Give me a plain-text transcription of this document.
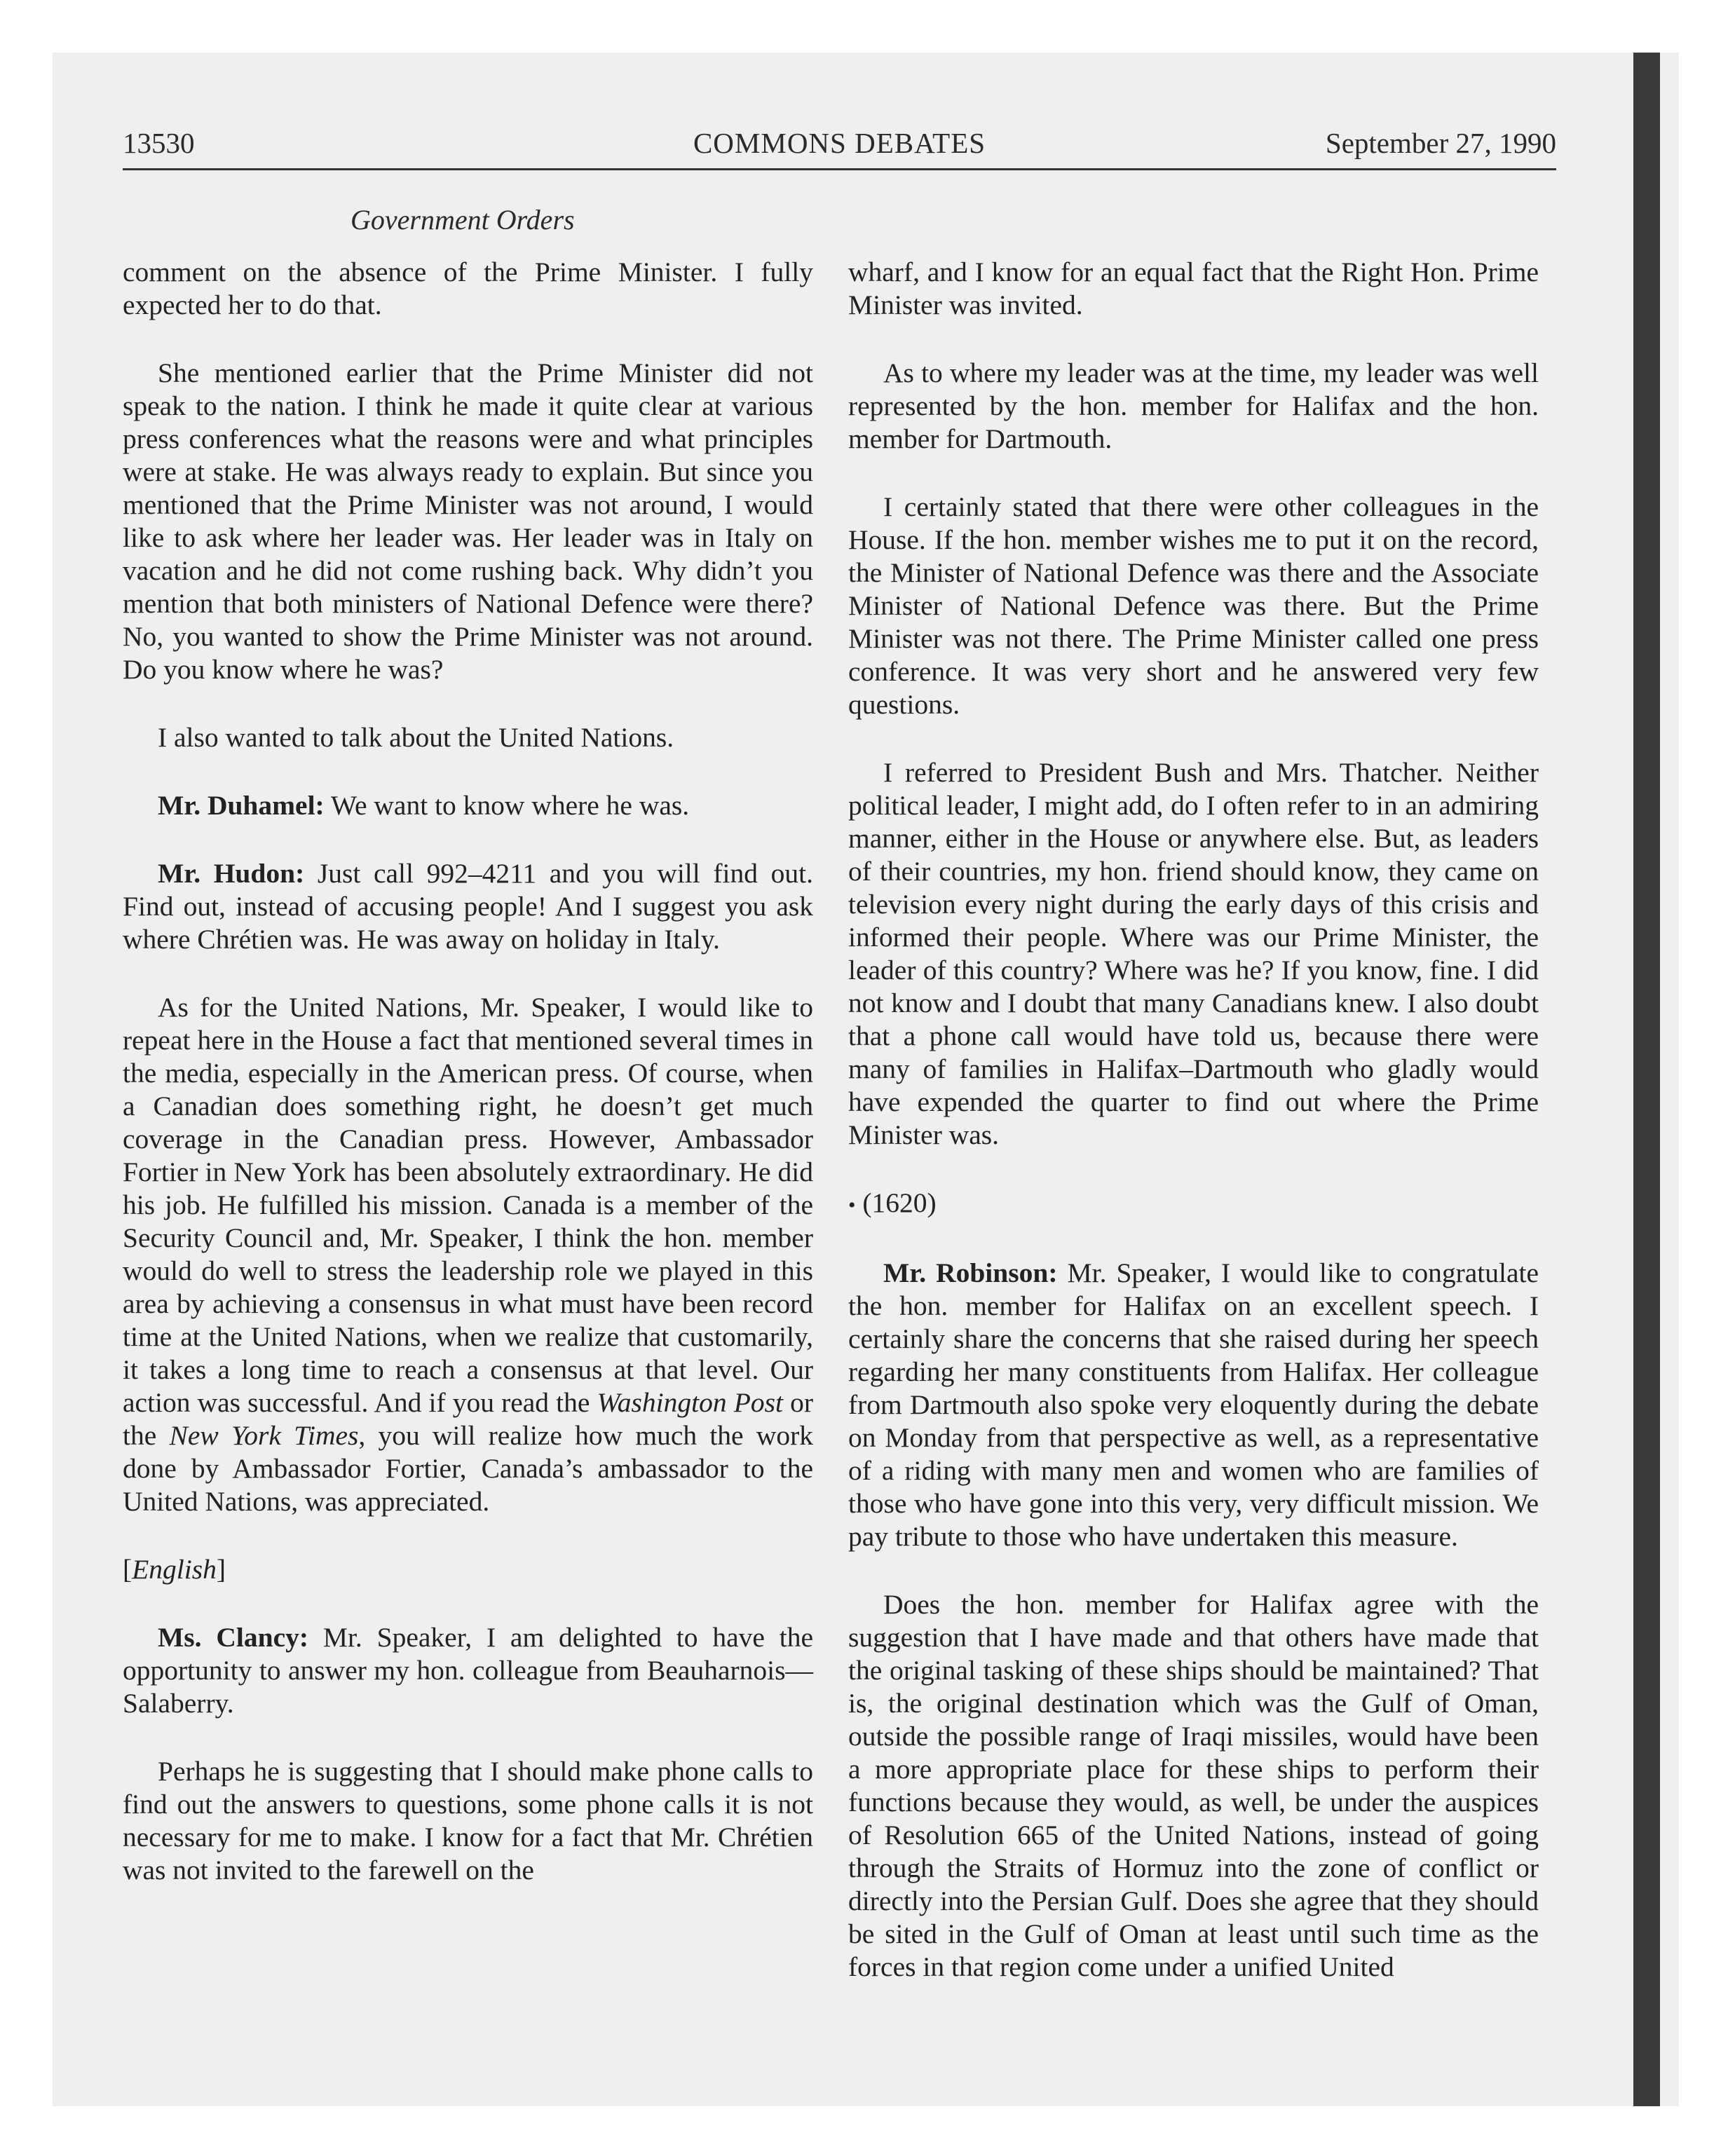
13530	COMMONS DEBATES	September 27, 1990
Government Orders

comment on the absence of the Prime Minister. I fully expected her to do that.

She mentioned earlier that the Prime Minister did not speak to the nation. I think he made it quite clear at various press conferences what the reasons were and what principles were at stake. He was always ready to explain. But since you mentioned that the Prime Minister was not around, I would like to ask where her leader was. Her leader was in Italy on vacation and he did not come rushing back. Why didn’t you mention that both ministers of National Defence were there? No, you wanted to show the Prime Minister was not around. Do you know where he was?

I also wanted to talk about the United Nations.

Mr. Duhamel: We want to know where he was.

Mr. Hudon: Just call 992–4211 and you will find out. Find out, instead of accusing people! And I suggest you ask where Chrétien was. He was away on holiday in Italy.

As for the United Nations, Mr. Speaker, I would like to repeat here in the House a fact that mentioned several times in the media, especially in the American press. Of course, when a Canadian does something right, he doesn’t get much coverage in the Canadian press. However, Ambassador Fortier in New York has been absolutely extraordinary. He did his job. He fulfilled his mission. Canada is a member of the Security Council and, Mr. Speaker, I think the hon. member would do well to stress the leadership role we played in this area by achieving a consensus in what must have been record time at the United Nations, when we realize that customarily, it takes a long time to reach a consensus at that level. Our action was successful. And if you read the Washington Post or the New York Times, you will realize how much the work done by Ambassador Fortier, Canada’s ambassador to the United Nations, was appreciated.

[English]

Ms. Clancy: Mr. Speaker, I am delighted to have the opportunity to answer my hon. colleague from Beauharnois—Salaberry.

Perhaps he is suggesting that I should make phone calls to find out the answers to questions, some phone calls it is not necessary for me to make. I know for a fact that Mr. Chrétien was not invited to the farewell on the

wharf, and I know for an equal fact that the Right Hon. Prime Minister was invited.

As to where my leader was at the time, my leader was well represented by the hon. member for Halifax and the hon. member for Dartmouth.

I certainly stated that there were other colleagues in the House. If the hon. member wishes me to put it on the record, the Minister of National Defence was there and the Associate Minister of National Defence was there. But the Prime Minister was not there. The Prime Minister called one press conference. It was very short and he answered very few questions.

I referred to President Bush and Mrs. Thatcher. Neither political leader, I might add, do I often refer to in an admiring manner, either in the House or anywhere else. But, as leaders of their countries, my hon. friend should know, they came on television every night during the early days of this crisis and informed their people. Where was our Prime Minister, the leader of this country? Where was he? If you know, fine. I did not know and I doubt that many Canadians knew. I also doubt that a phone call would have told us, because there were many of families in Halifax–Dartmouth who gladly would have expended the quarter to find out where the Prime Minister was.

• (1620)

Mr. Robinson: Mr. Speaker, I would like to congratulate the hon. member for Halifax on an excellent speech. I certainly share the concerns that she raised during her speech regarding her many constituents from Halifax. Her colleague from Dartmouth also spoke very eloquently during the debate on Monday from that perspective as well, as a representative of a riding with many men and women who are families of those who have gone into this very, very difficult mission. We pay tribute to those who have undertaken this measure.

Does the hon. member for Halifax agree with the suggestion that I have made and that others have made that the original tasking of these ships should be maintained? That is, the original destination which was the Gulf of Oman, outside the possible range of Iraqi missiles, would have been a more appropriate place for these ships to perform their functions because they would, as well, be under the auspices of Resolution 665 of the United Nations, instead of going through the Straits of Hormuz into the zone of conflict or directly into the Persian Gulf. Does she agree that they should be sited in the Gulf of Oman at least until such time as the forces in that region come under a unified United
